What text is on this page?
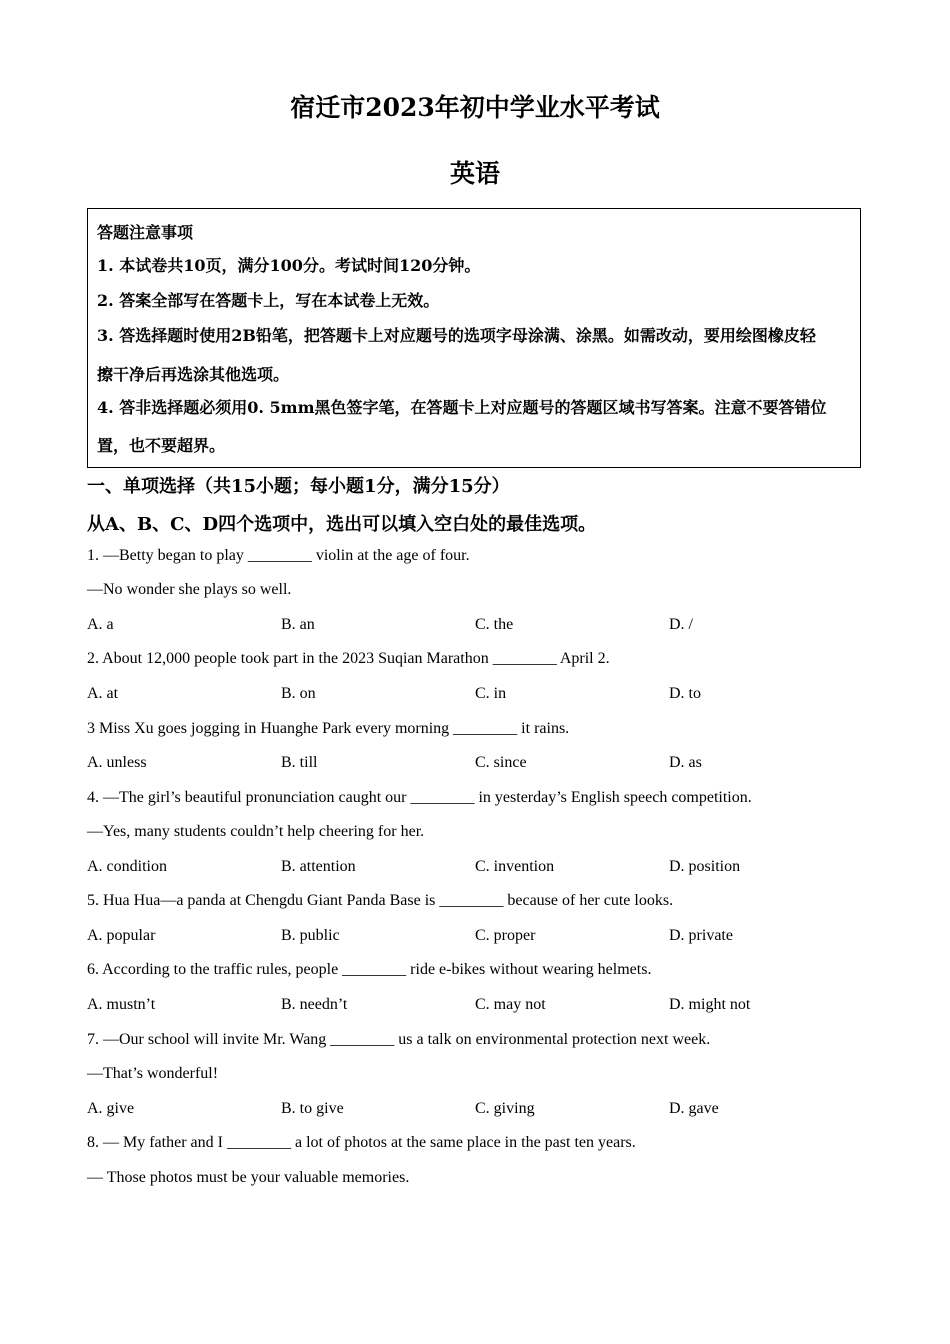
宿迁市2023年初中学业水平考试
英语
答题注意事项
1. 本试卷共10页，满分100分。考试时间120分钟。
2. 答案全部写在答题卡上，写在本试卷上无效。
3. 答选择题时使用2B铅笔，把答题卡上对应题号的选项字母涂满、涂黑。如需改动，要用绘图橡皮轻
擦干净后再选涂其他选项。
4. 答非选择题必须用0. 5mm黑色签字笔，在答题卡上对应题号的答题区域书写答案。注意不要答错位
置，也不要超界。
一、单项选择（共15小题；每小题1分，满分15分）
从A、B、C、D四个选项中，选出可以填入空白处的最佳选项。
1. —Betty began to play ________ violin at the age of four.
—No wonder she plays so well.
A. a	B. an	C. the	D. /
2. About 12,000 people took part in the 2023 Suqian Marathon ________ April 2.
A. at	B. on	C. in	D. to
3 Miss Xu goes jogging in Huanghe Park every morning ________ it rains.
A. unless	B. till	C. since	D. as
4. —The girl’s beautiful pronunciation caught our ________ in yesterday’s English speech competition.
—Yes, many students couldn’t help cheering for her.
A. condition	B. attention	C. invention	D. position
5. Hua Hua—a panda at Chengdu Giant Panda Base is ________ because of her cute looks.
A. popular	B. public	C. proper	D. private
6. According to the traffic rules, people ________ ride e-bikes without wearing helmets.
A. mustn’t	B. needn’t	C. may not	D. might not
7. —Our school will invite Mr. Wang ________ us a talk on environmental protection next week.
—That’s wonderful!
A. give	B. to give	C. giving	D. gave
8. — My father and I ________ a lot of photos at the same place in the past ten years.
— Those photos must be your valuable memories.
